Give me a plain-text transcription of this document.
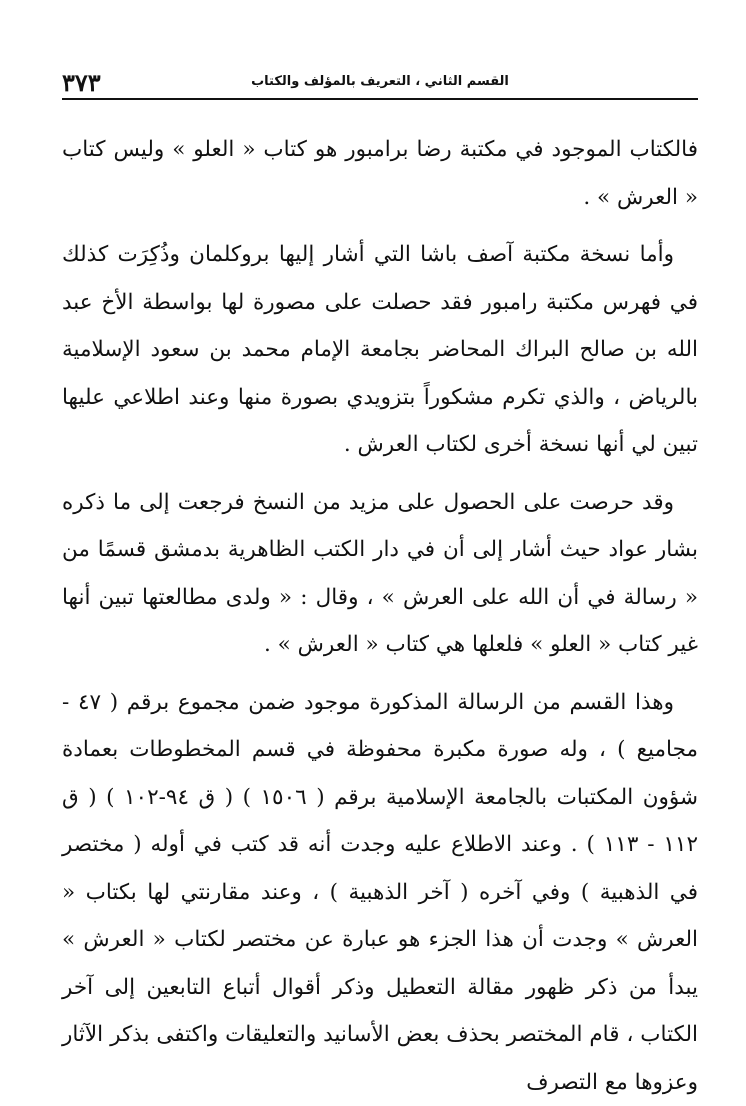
القسم الثاني ، التعريف بالمؤلف والكتاب
٣٧٣

فالكتاب الموجود في مكتبة رضا برامبور هو كتاب « العلو » وليس كتاب « العرش » .

وأما نسخة مكتبة آصف باشا التي أشار إليها بروكلمان وذُكِرَت كذلك في فهرس مكتبة رامبور فقد حصلت على مصورة لها بواسطة الأخ عبد الله بن صالح البراك المحاضر بجامعة الإمام محمد بن سعود الإسلامية بالرياض ، والذي تكرم مشكوراً بتزويدي بصورة منها وعند اطلاعي عليها تبين لي أنها نسخة أخرى لكتاب العرش .

وقد حرصت على الحصول على مزيد من النسخ فرجعت إلى ما ذكره بشار عواد حيث أشار إلى أن في دار الكتب الظاهرية بدمشق قسمًا من « رسالة في أن الله على العرش » ، وقال : « ولدى مطالعتها تبين أنها غير كتاب « العلو » فلعلها هي كتاب « العرش » .

وهذا القسم من الرسالة المذكورة موجود ضمن مجموع برقم ( ٤٧ - مجاميع ) ، وله صورة مكبرة محفوظة في قسم المخطوطات بعمادة شؤون المكتبات بالجامعة الإسلامية برقم ( ١٥٠٦ ) ( ق ٩٤-١٠٢ ) ( ق ١١٢ - ١١٣ ) . وعند الاطلاع عليه وجدت أنه قد كتب في أوله ( مختصر في الذهبية ) وفي آخره ( آخر الذهبية ) ، وعند مقارنتي لها بكتاب « العرش » وجدت أن هذا الجزء هو عبارة عن مختصر لكتاب « العرش » يبدأ من ذكر ظهور مقالة التعطيل وذكر أقوال أتباع التابعين إلى آخر الكتاب ، قام المختصر بحذف بعض الأسانيد والتعليقات واكتفى بذكر الآثار وعزوها مع التصرف
